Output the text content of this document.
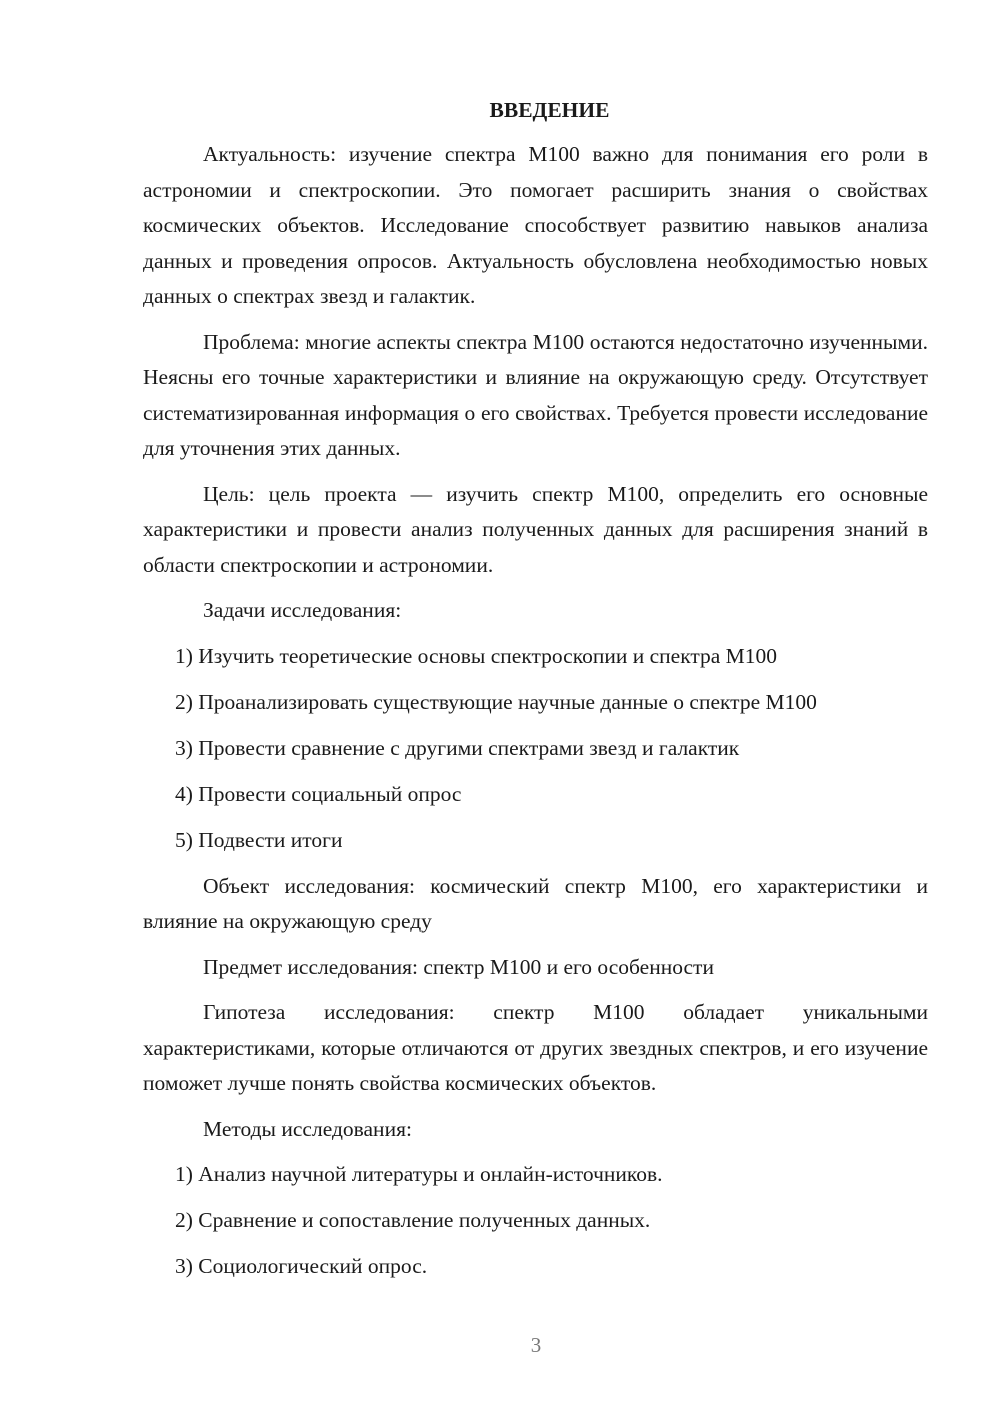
ВВЕДЕНИЕ

Актуальность: изучение спектра М100 важно для понимания его роли в астрономии и спектроскопии. Это помогает расширить знания о свойствах космических объектов. Исследование способствует развитию навыков анализа данных и проведения опросов. Актуальность обусловлена необходимостью новых данных о спектрах звезд и галактик.

Проблема: многие аспекты спектра М100 остаются недостаточно изученными. Неясны его точные характеристики и влияние на окружающую среду. Отсутствует систематизированная информация о его свойствах. Требуется провести исследование для уточнения этих данных.

Цель: цель проекта — изучить спектр М100, определить его основные характеристики и провести анализ полученных данных для расширения знаний в области спектроскопии и астрономии.

Задачи исследования:

1) Изучить теоретические основы спектроскопии и спектра М100
2) Проанализировать существующие научные данные о спектре М100
3) Провести сравнение с другими спектрами звезд и галактик
4) Провести социальный опрос
5) Подвести итоги

Объект исследования: космический спектр М100, его характеристики и влияние на окружающую среду

Предмет исследования: спектр М100 и его особенности

Гипотеза исследования: спектр М100 обладает уникальными характеристиками, которые отличаются от других звездных спектров, и его изучение поможет лучше понять свойства космических объектов.

Методы исследования:

1) Анализ научной литературы и онлайн-источников.
2) Сравнение и сопоставление полученных данных.
3) Социологический опрос.
3
